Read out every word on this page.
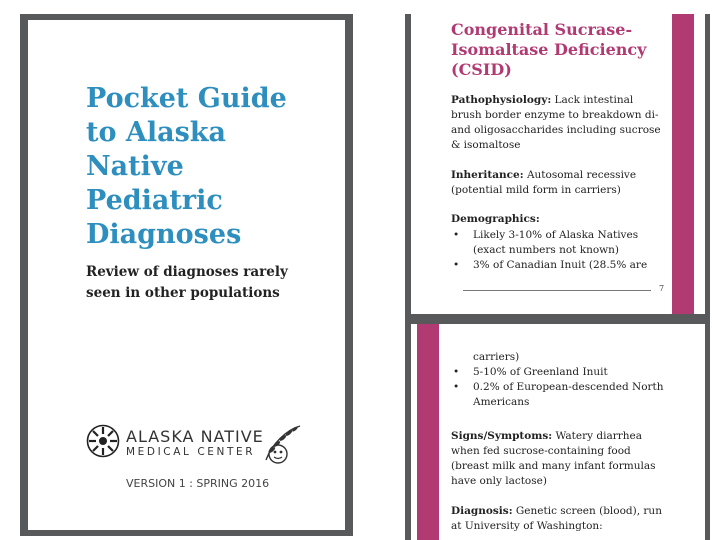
Pocket Guide
to Alaska
Native
Pediatric
Diagnoses
Review of diagnoses rarely
seen in other populations
ALASKA NATIVE
MEDICAL CENTER
VERSION 1 : SPRING 2016
Congenital Sucrase-
Isomaltase Deficiency
(CSID)
Pathophysiology: Lack intestinal brush border enzyme to breakdown di- and oligosaccharides including sucrose & isomaltose
Inheritance: Autosomal recessive (potential mild form in carriers)
Demographics:
• Likely 3-10% of Alaska Natives (exact numbers not known)
• 3% of Canadian Inuit (28.5% are
7
carriers)
• 5-10% of Greenland Inuit
• 0.2% of European-descended North Americans
Signs/Symptoms: Watery diarrhea when fed sucrose-containing food (breast milk and many infant formulas have only lactose)
Diagnosis: Genetic screen (blood), run at University of Washington:
